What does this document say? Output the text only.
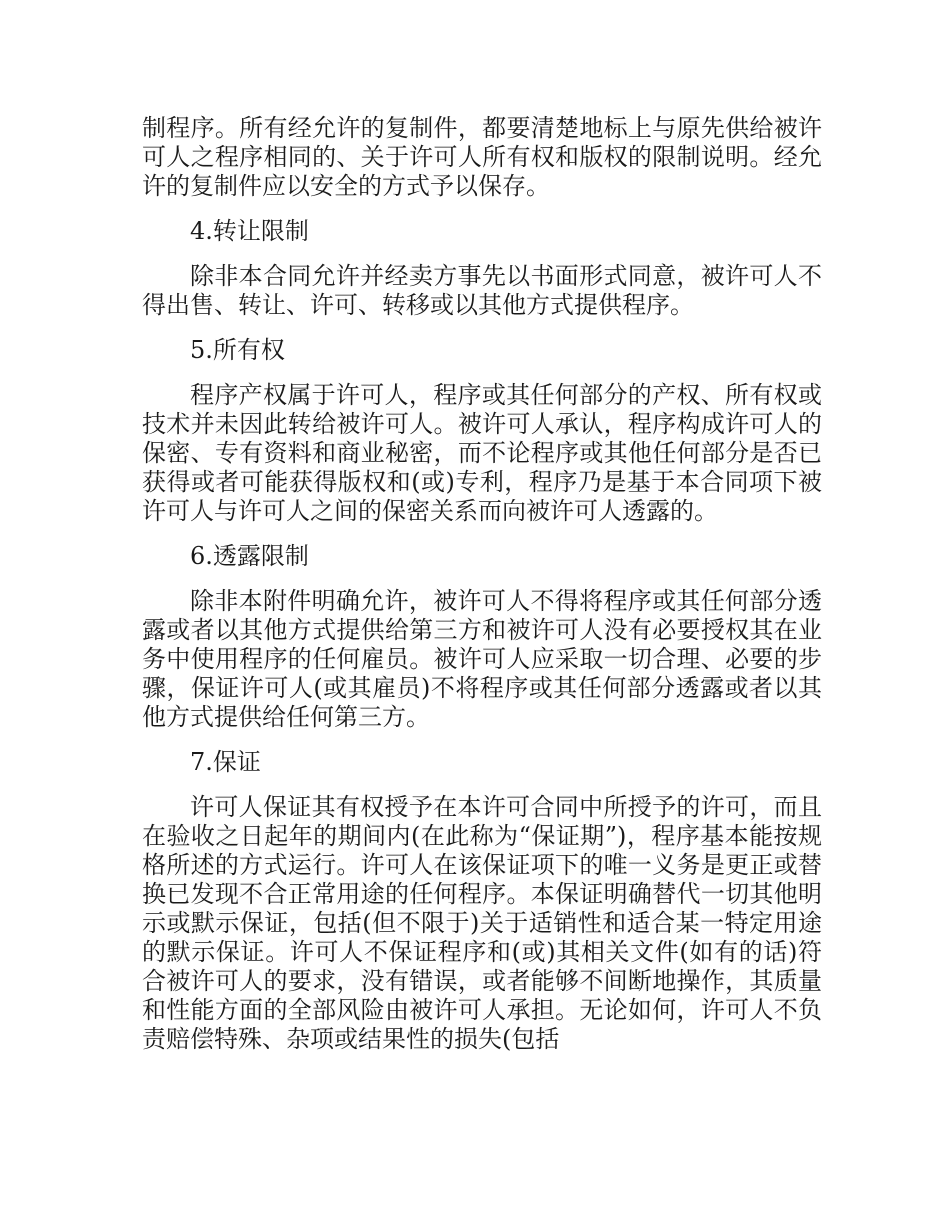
制程序。所有经允许的复制件，都要清楚地标上与原先供给被许可人之程序相同的、关于许可人所有权和版权的限制说明。经允许的复制件应以安全的方式予以保存。

4.转让限制

除非本合同允许并经卖方事先以书面形式同意，被许可人不得出售、转让、许可、转移或以其他方式提供程序。

5.所有权

程序产权属于许可人，程序或其任何部分的产权、所有权或技术并未因此转给被许可人。被许可人承认，程序构成许可人的保密、专有资料和商业秘密，而不论程序或其他任何部分是否已获得或者可能获得版权和(或)专利，程序乃是基于本合同项下被许可人与许可人之间的保密关系而向被许可人透露的。

6.透露限制

除非本附件明确允许，被许可人不得将程序或其任何部分透露或者以其他方式提供给第三方和被许可人没有必要授权其在业务中使用程序的任何雇员。被许可人应采取一切合理、必要的步骤，保证许可人(或其雇员)不将程序或其任何部分透露或者以其他方式提供给任何第三方。

7.保证

许可人保证其有权授予在本许可合同中所授予的许可，而且在验收之日起年的期间内(在此称为“保证期”)，程序基本能按规格所述的方式运行。许可人在该保证项下的唯一义务是更正或替换已发现不合正常用途的任何程序。本保证明确替代一切其他明示或默示保证，包括(但不限于)关于适销性和适合某一特定用途的默示保证。许可人不保证程序和(或)其相关文件(如有的话)符合被许可人的要求，没有错误，或者能够不间断地操作，其质量和性能方面的全部风险由被许可人承担。无论如何，许可人不负责赔偿特殊、杂项或结果性的损失(包括
